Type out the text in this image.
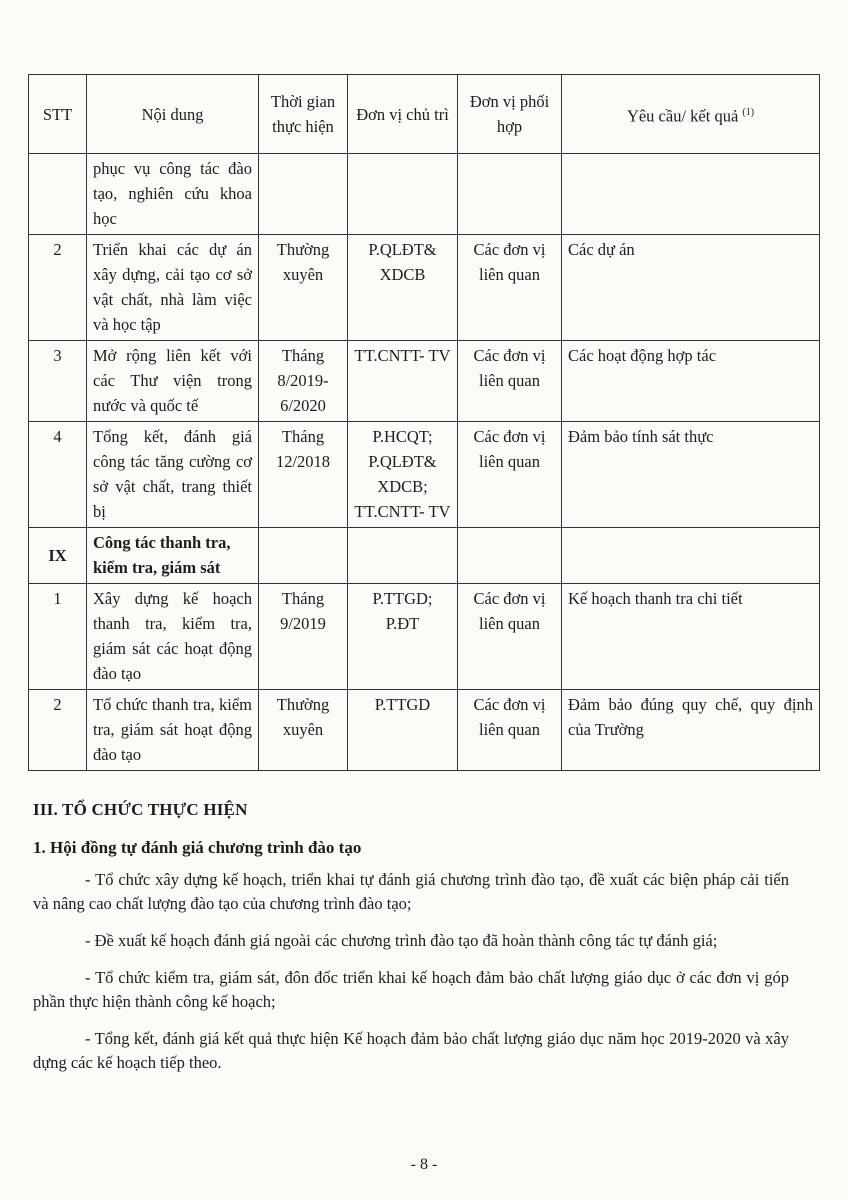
STT	Nội dung	Thời gian thực hiện	Đơn vị chủ trì	Đơn vị phối hợp	Yêu cầu/ kết quả $^{(1)}$
	phục vụ công tác đào tạo, nghiên cứu khoa học				
2	Triển khai các dự án xây dựng, cải tạo cơ sở vật chất, nhà làm việc và học tập	Thường xuyên	P.QLĐT& XDCB	Các đơn vị liên quan	Các dự án
3	Mở rộng liên kết với các Thư viện trong nước và quốc tế	Tháng 8/2019- 6/2020	TT.CNTT- TV	Các đơn vị liên quan	Các hoạt động hợp tác
4	Tổng kết, đánh giá công tác tăng cường cơ sở vật chất, trang thiết bị	Tháng 12/2018	P.HCQT; P.QLĐT& XDCB; TT.CNTT- TV	Các đơn vị liên quan	Đảm bảo tính sát thực
IX	Công tác thanh tra, kiểm tra, giám sát				
1	Xây dựng kế hoạch thanh tra, kiểm tra, giám sát các hoạt động đào tạo	Tháng 9/2019	P.TTGD; P.ĐT	Các đơn vị liên quan	Kế hoạch thanh tra chi tiết
2	Tổ chức thanh tra, kiểm tra, giám sát hoạt động đào tạo	Thường xuyên	P.TTGD	Các đơn vị liên quan	Đảm bảo đúng quy chế, quy định của Trường
III. TỔ CHỨC THỰC HIỆN
1. Hội đồng tự đánh giá chương trình đào tạo

- Tổ chức xây dựng kế hoạch, triển khai tự đánh giá chương trình đào tạo, đề xuất các biện pháp cải tiến và nâng cao chất lượng đào tạo của chương trình đào tạo;

- Đề xuất kế hoạch đánh giá ngoài các chương trình đào tạo đã hoàn thành công tác tự đánh giá;

- Tổ chức kiểm tra, giám sát, đôn đốc triển khai kế hoạch đảm bảo chất lượng giáo dục ở các đơn vị góp phần thực hiện thành công kế hoạch;

- Tổng kết, đánh giá kết quả thực hiện Kế hoạch đảm bảo chất lượng giáo dục năm học 2019-2020 và xây dựng các kế hoạch tiếp theo.

- 8 -
